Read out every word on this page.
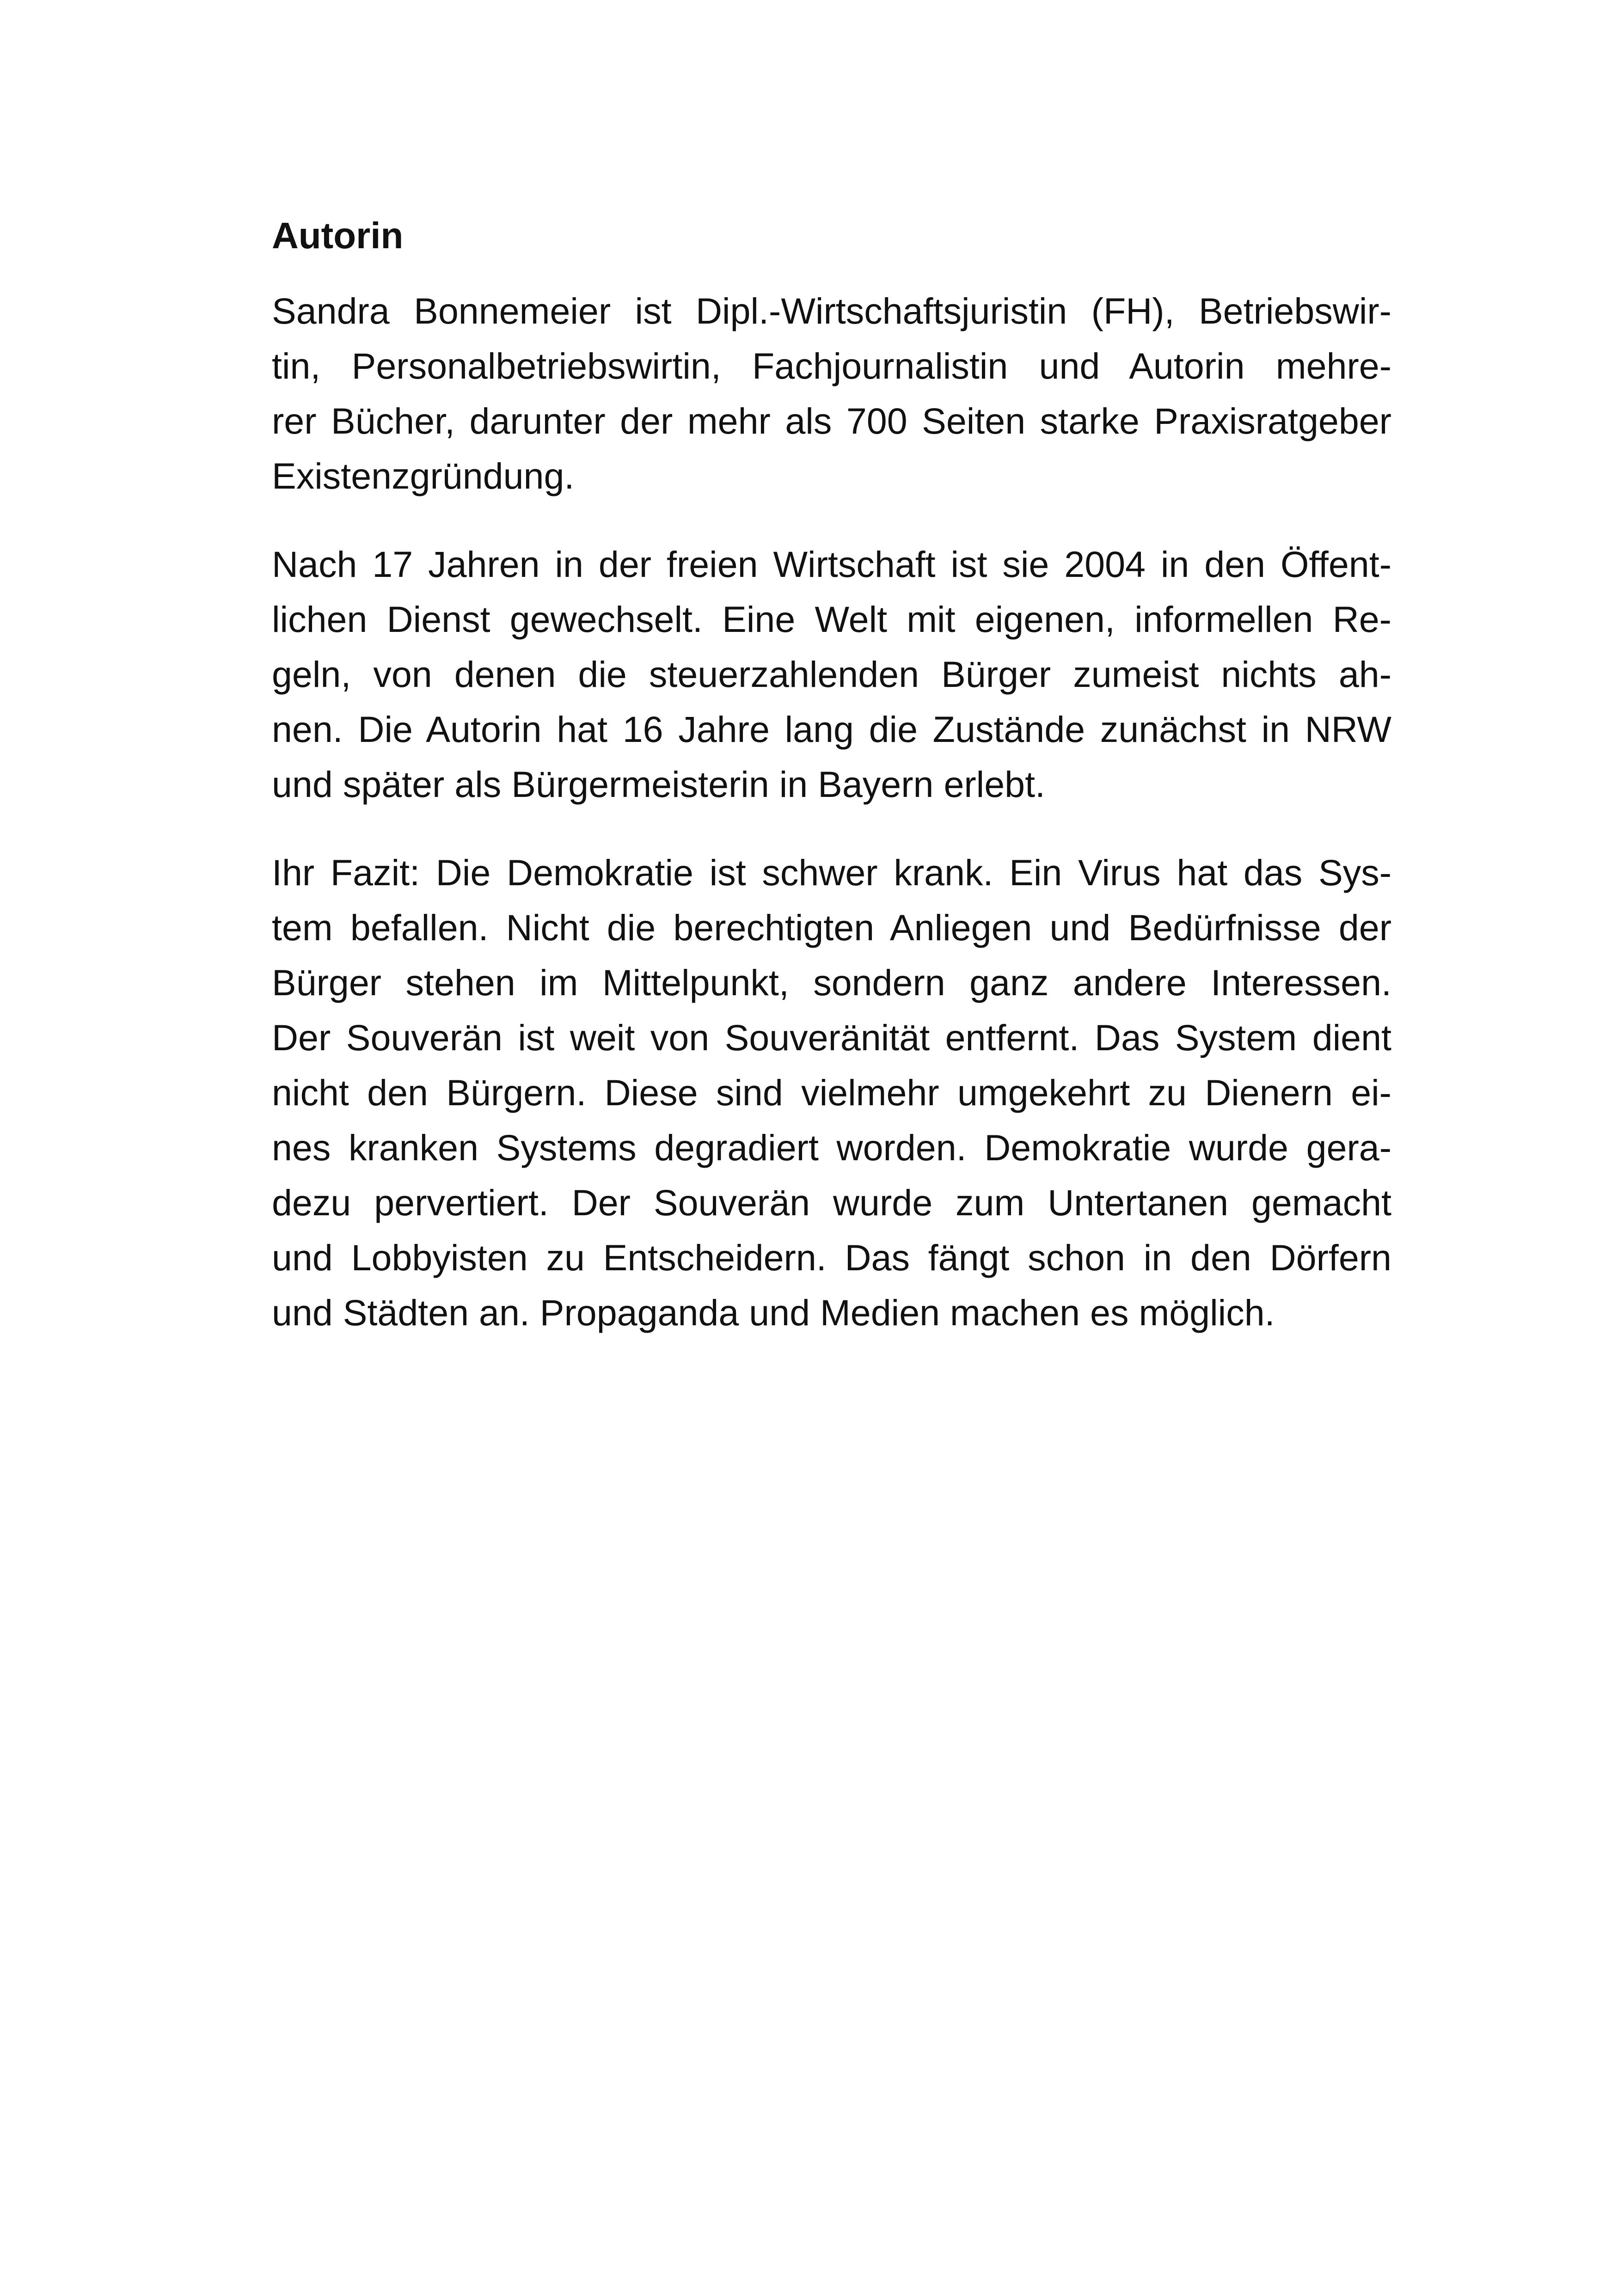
Autorin
Sandra Bonnemeier ist Dipl.-Wirtschaftsjuristin (FH), Betriebswir-
tin, Personalbetriebswirtin, Fachjournalistin und Autorin mehre-
rer Bücher, darunter der mehr als 700 Seiten starke Praxisratgeber
Existenzgründung.
Nach 17 Jahren in der freien Wirtschaft ist sie 2004 in den Öffent-
lichen Dienst gewechselt. Eine Welt mit eigenen, informellen Re-
geln, von denen die steuerzahlenden Bürger zumeist nichts ah-
nen. Die Autorin hat 16 Jahre lang die Zustände zunächst in NRW
und später als Bürgermeisterin in Bayern erlebt.
Ihr Fazit: Die Demokratie ist schwer krank. Ein Virus hat das Sys-
tem befallen. Nicht die berechtigten Anliegen und Bedürfnisse der
Bürger stehen im Mittelpunkt, sondern ganz andere Interessen.
Der Souverän ist weit von Souveränität entfernt. Das System dient
nicht den Bürgern. Diese sind vielmehr umgekehrt zu Dienern ei-
nes kranken Systems degradiert worden. Demokratie wurde gera-
dezu pervertiert. Der Souverän wurde zum Untertanen gemacht
und Lobbyisten zu Entscheidern. Das fängt schon in den Dörfern
und Städten an. Propaganda und Medien machen es möglich.
